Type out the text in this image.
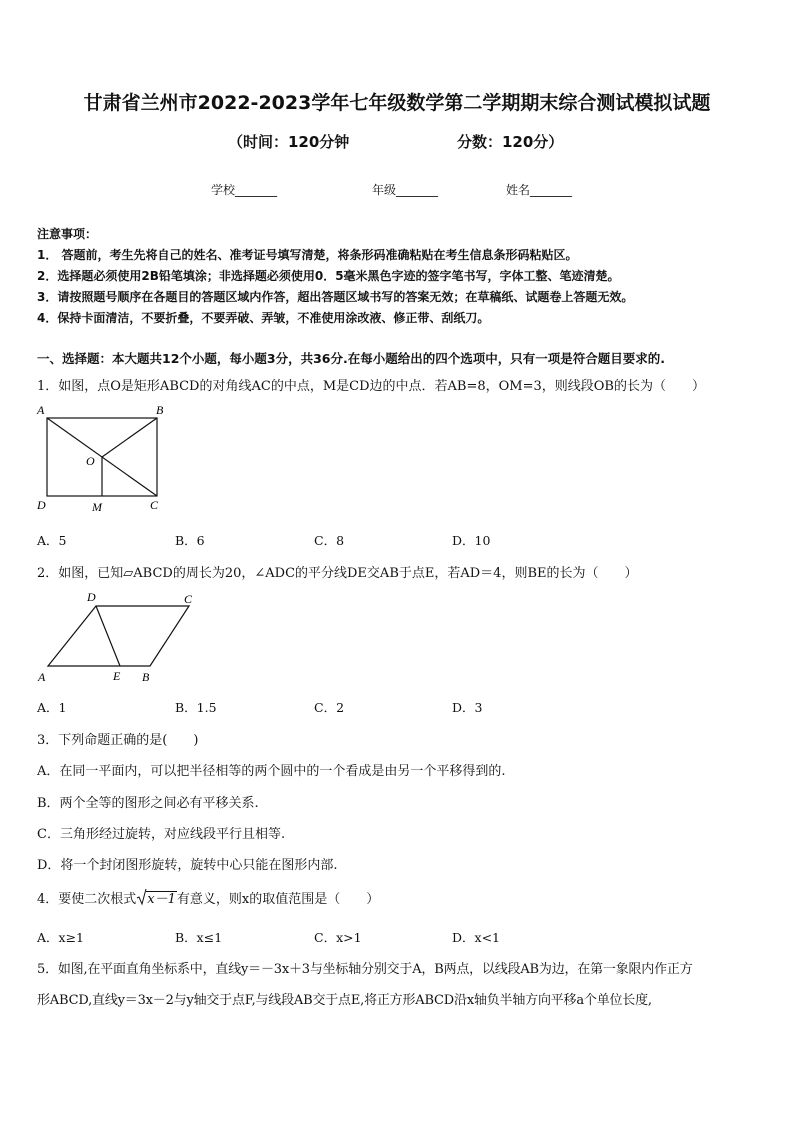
甘肃省兰州市2022-2023学年七年级数学第二学期期末综合测试模拟试题
（时间：120分钟	分数：120分）
学校_______	年级_______	姓名_______
注意事项：
1． 答题前，考生先将自己的姓名、准考证号填写清楚，将条形码准确粘贴在考生信息条形码粘贴区。
2．选择题必须使用2B铅笔填涂；非选择题必须使用0．5毫米黑色字迹的签字笔书写，字体工整、笔迹清楚。
3．请按照题号顺序在各题目的答题区域内作答，超出答题区域书写的答案无效；在草稿纸、试题卷上答题无效。
4．保持卡面清洁，不要折叠，不要弄破、弄皱，不准使用涂改液、修正带、刮纸刀。
一、选择题：本大题共12个小题，每小题3分，共36分.在每小题给出的四个选项中，只有一项是符合题目要求的.
1．如图，点O是矩形ABCD的对角线AC的中点，M是CD边的中点．若AB=8，OM=3，则线段OB的长为（　　）
A	B
O
D	M	C
A．5	B．6	C．8	D．10
2．如图，已知▱ABCD的周长为20，∠ADC的平分线DE交AB于点E，若AD＝4，则BE的长为（　　）
D	C
A	E B
A．1	B．1.5	C．2	D．3
3．下列命题正确的是(　　)
A．在同一平面内，可以把半径相等的两个圆中的一个看成是由另一个平移得到的.
B．两个全等的图形之间必有平移关系.
C．三角形经过旋转，对应线段平行且相等.
D．将一个封闭图形旋转，旋转中心只能在图形内部.
4．要使二次根式 x－1有意义，则x的取值范围是（　　）
A．x≥1	B．x≤1	C．x>1	D．x<1
5．如图,在平面直角坐标系中，直线y＝－3x＋3与坐标轴分别交于A，B两点，以线段AB为边，在第一象限内作正方
形ABCD,直线y＝3x－2与y轴交于点F,与线段AB交于点E,将正方形ABCD沿x轴负半轴方向平移a个单位长度,
